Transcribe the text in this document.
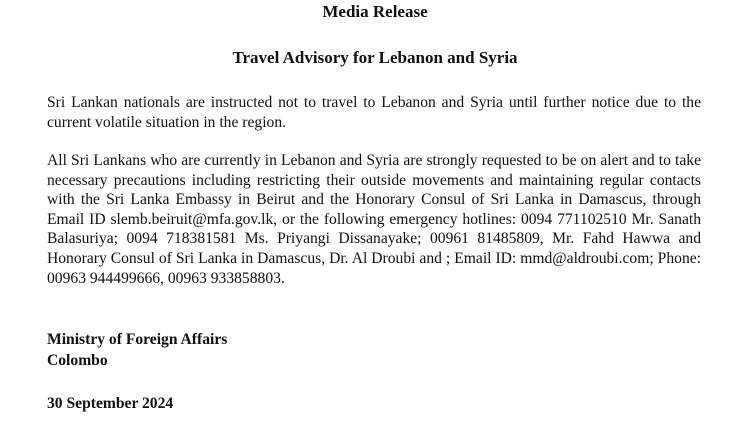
Media Release
Travel Advisory for Lebanon and Syria

Sri Lankan nationals are instructed not to travel to Lebanon and Syria until further notice due to the current volatile situation in the region.

All Sri Lankans who are currently in Lebanon and Syria are strongly requested to be on alert and to take necessary precautions including restricting their outside movements and maintaining regular contacts with the Sri Lanka Embassy in Beirut and the Honorary Consul of Sri Lanka in Damascus, through Email ID slemb.beiruit@mfa.gov.lk, or the following emergency hotlines: 0094 771102510 Mr. Sanath Balasuriya; 0094 718381581 Ms. Priyangi Dissanayake; 00961 81485809, Mr. Fahd Hawwa and Honorary Consul of Sri Lanka in Damascus, Dr. Al Droubi and ; Email ID: mmd@aldroubi.com; Phone: 00963 944499666, 00963 933858803.

Ministry of Foreign Affairs

Colombo

30 September 2024
